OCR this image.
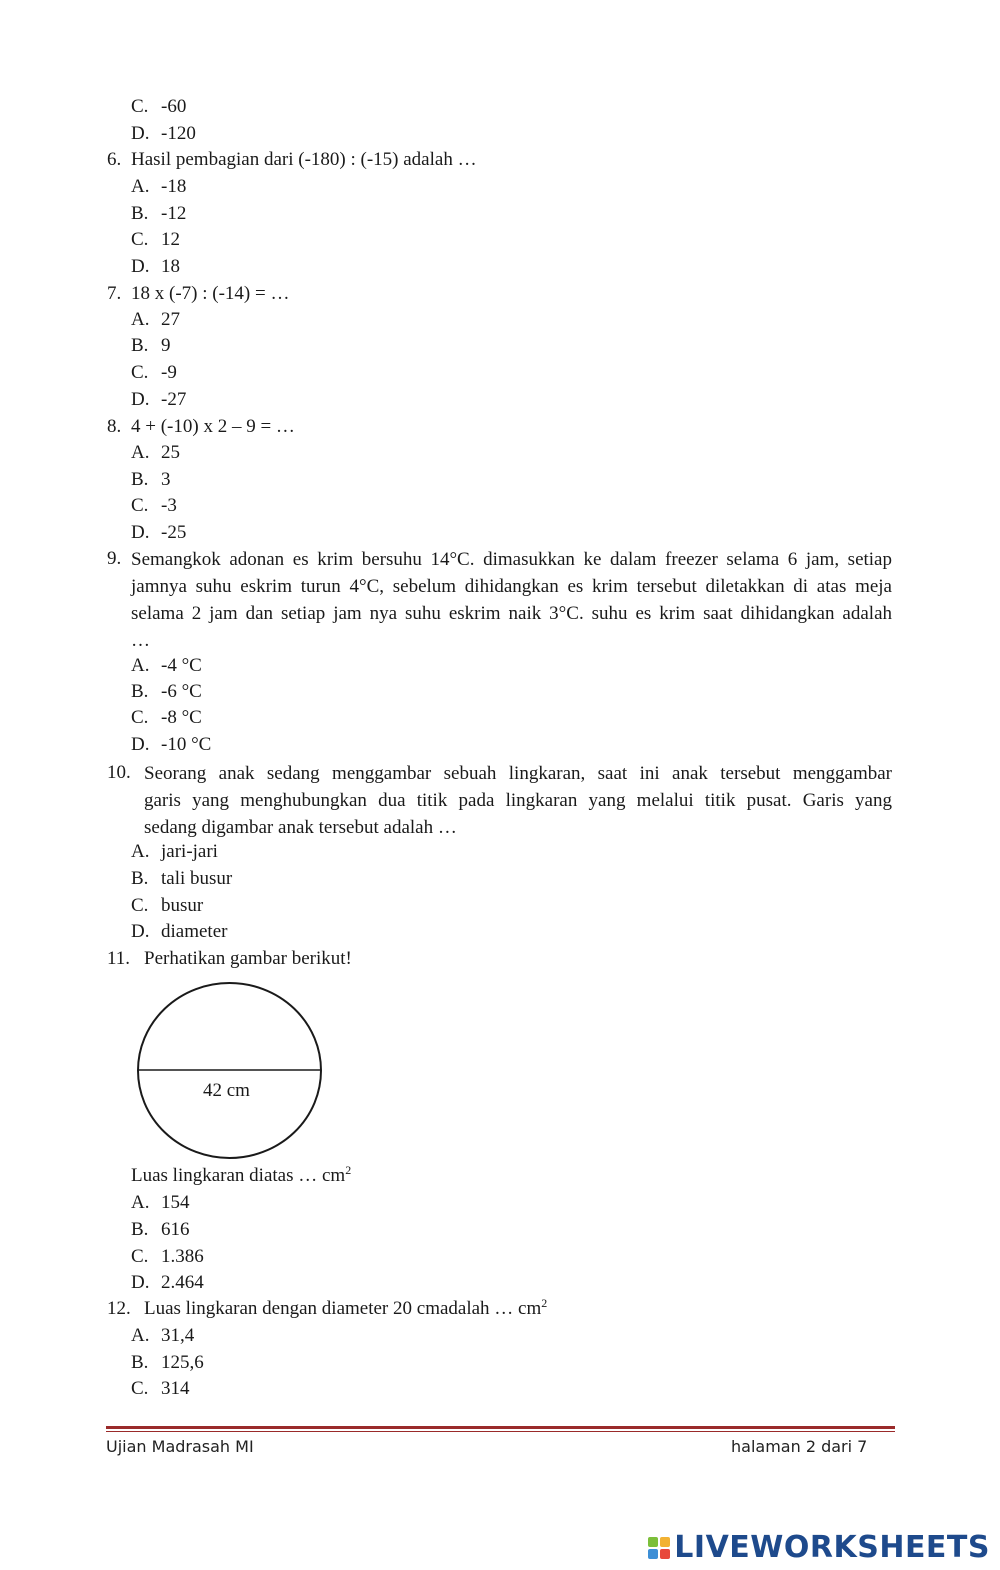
C. -60
D. -120
6. Hasil pembagian dari (-180) : (-15) adalah …
A. -18
B. -12
C. 12
D. 18
7. 18 x (-7) : (-14) = …
A. 27
B. 9
C. -9
D. -27
8. 4 + (-10) x 2 – 9 = …
A. 25
B. 3
C. -3
D. -25
9. Semangkok adonan es krim bersuhu 14°C. dimasukkan ke dalam freezer selama 6 jam, setiap
jamnya suhu eskrim turun 4°C, sebelum dihidangkan es krim tersebut diletakkan di atas meja
selama 2 jam dan setiap jam nya suhu eskrim naik 3°C. suhu es krim saat dihidangkan adalah
…
A. -4 °C
B. -6 °C
C. -8 °C
D. -10 °C
10. Seorang anak sedang menggambar sebuah lingkaran, saat ini anak tersebut menggambar
garis yang menghubungkan dua titik pada lingkaran yang melalui titik pusat. Garis yang
sedang digambar anak tersebut adalah …
A. jari-jari
B. tali busur
C. busur
D. diameter
11. Perhatikan gambar berikut!
42 cm
Luas lingkaran diatas … $cm^2$
A. 154
B. 616
C. 1.386
D. 2.464
12. Luas lingkaran dengan diameter 20 cmadalah … $cm^2$
A. 31,4
B. 125,6
C. 314
Ujian Madrasah MI	halaman 2 dari 7
LIVEWORKSHEETS
